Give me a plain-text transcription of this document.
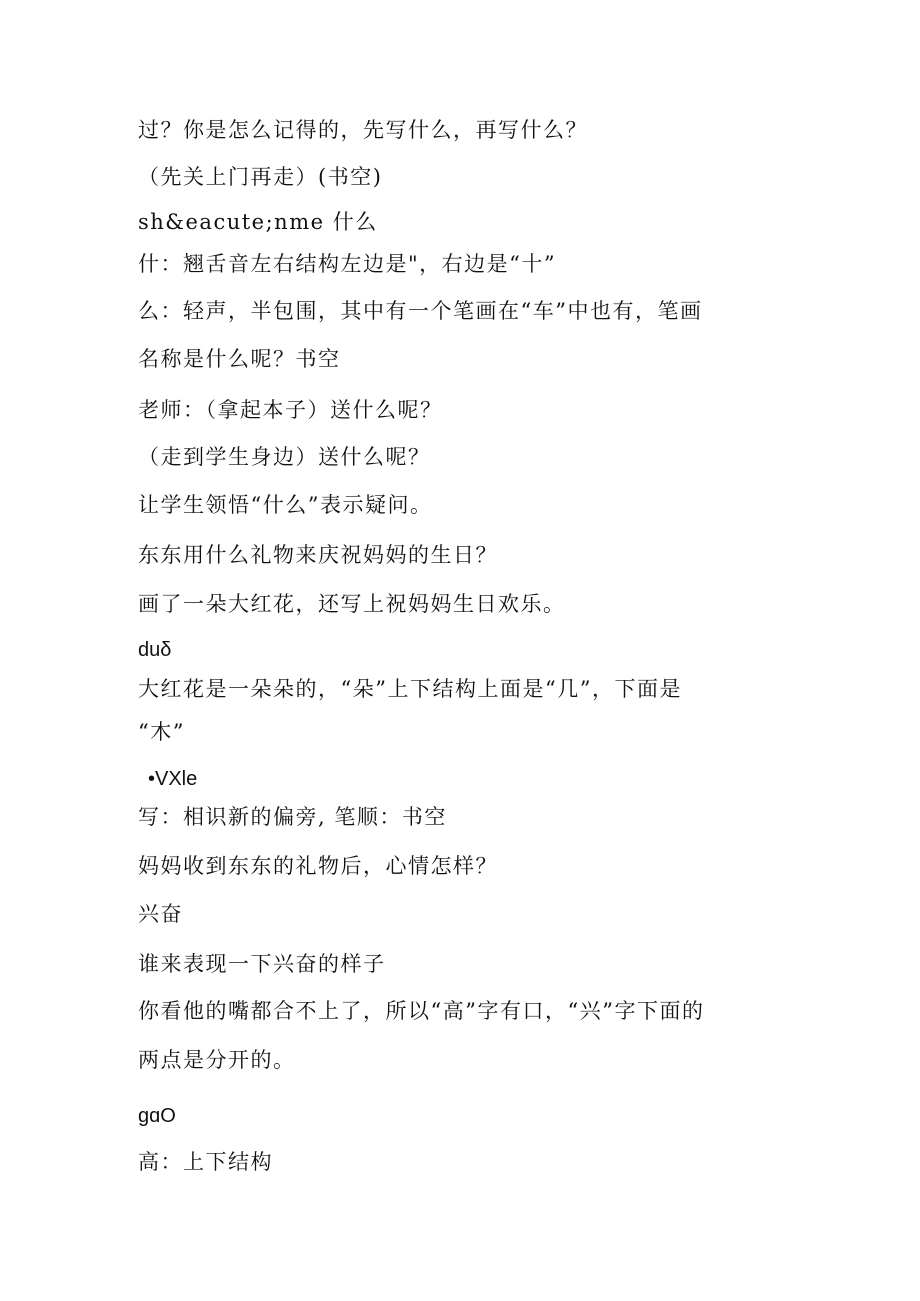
过？你是怎么记得的，先写什么，再写什么？
（先关上门再走）(书空)
sh&eacute;nme 什么
什：翘舌音左右结构左边是"，右边是“十”
么：轻声，半包围，其中有一个笔画在“车”中也有，笔画
名称是什么呢？书空
老师：（拿起本子）送什么呢？
（走到学生身边）送什么呢？
让学生领悟“什么”表示疑问。
东东用什么礼物来庆祝妈妈的生日？
画了一朵大红花，还写上祝妈妈生日欢乐。
duδ
大红花是一朵朵的，“朵”上下结构上面是“几”，下面是
“木”
•VXle
写：相识新的偏旁, 笔顺：书空
妈妈收到东东的礼物后，心情怎样？
兴奋
谁来表现一下兴奋的样子
你看他的嘴都合不上了，所以“高”字有口，“兴”字下面的
两点是分开的。
gɑO
高：上下结构
